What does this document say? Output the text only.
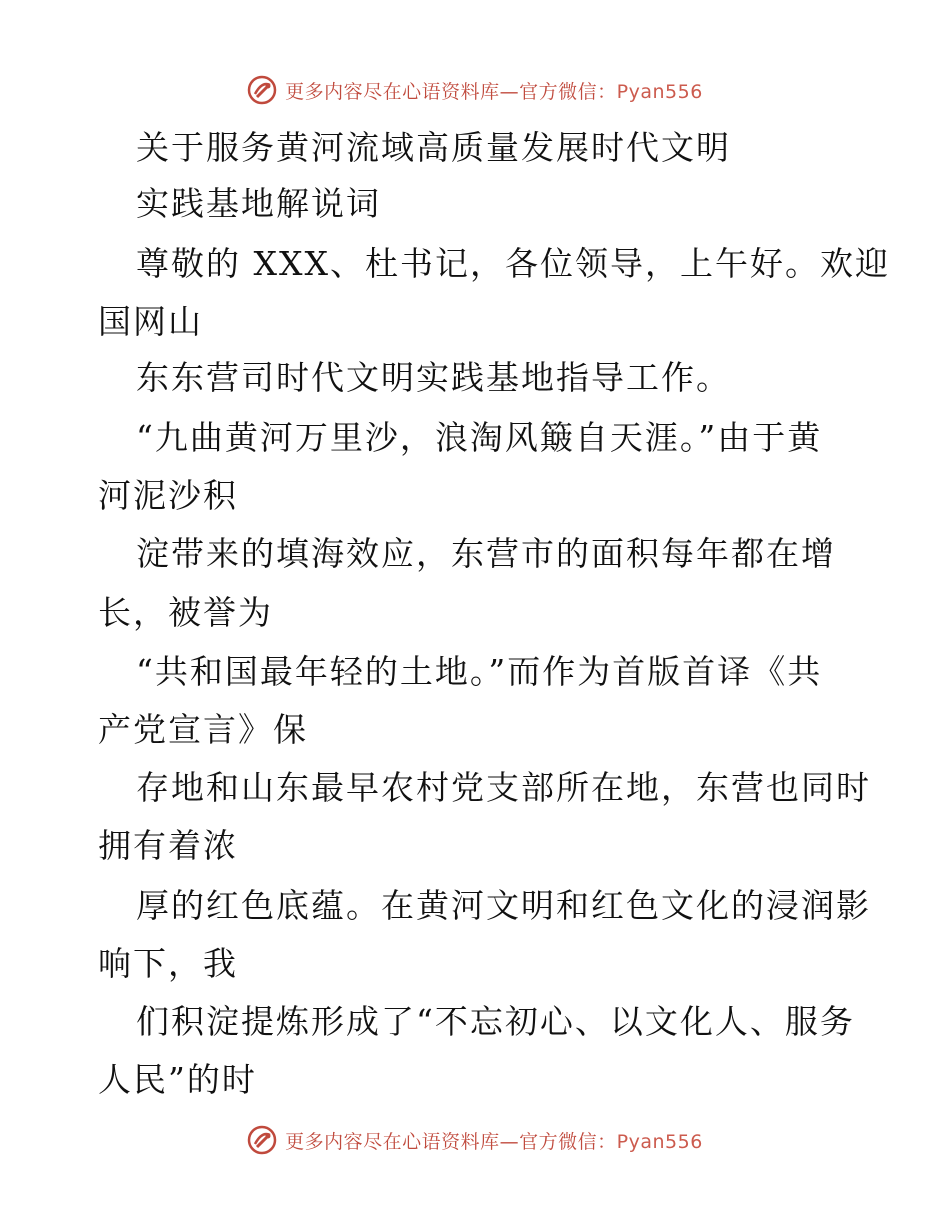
更多内容尽在心语资料库—官方微信：Pyan556
关于服务黄河流域高质量发展时代文明
实践基地解说词
尊敬的 XXX、杜书记，各位领导，上午好。欢迎
国网山
东东营司时代文明实践基地指导工作。
“九曲黄河万里沙，浪淘风簸自天涯。”由于黄
河泥沙积
淀带来的填海效应，东营市的面积每年都在增
长，被誉为
“共和国最年轻的土地。”而作为首版首译《共
产党宣言》保
存地和山东最早农村党支部所在地，东营也同时
拥有着浓
厚的红色底蕴。在黄河文明和红色文化的浸润影
响下，我
们积淀提炼形成了“不忘初心、以文化人、服务
人民”的时
更多内容尽在心语资料库—官方微信：Pyan556
